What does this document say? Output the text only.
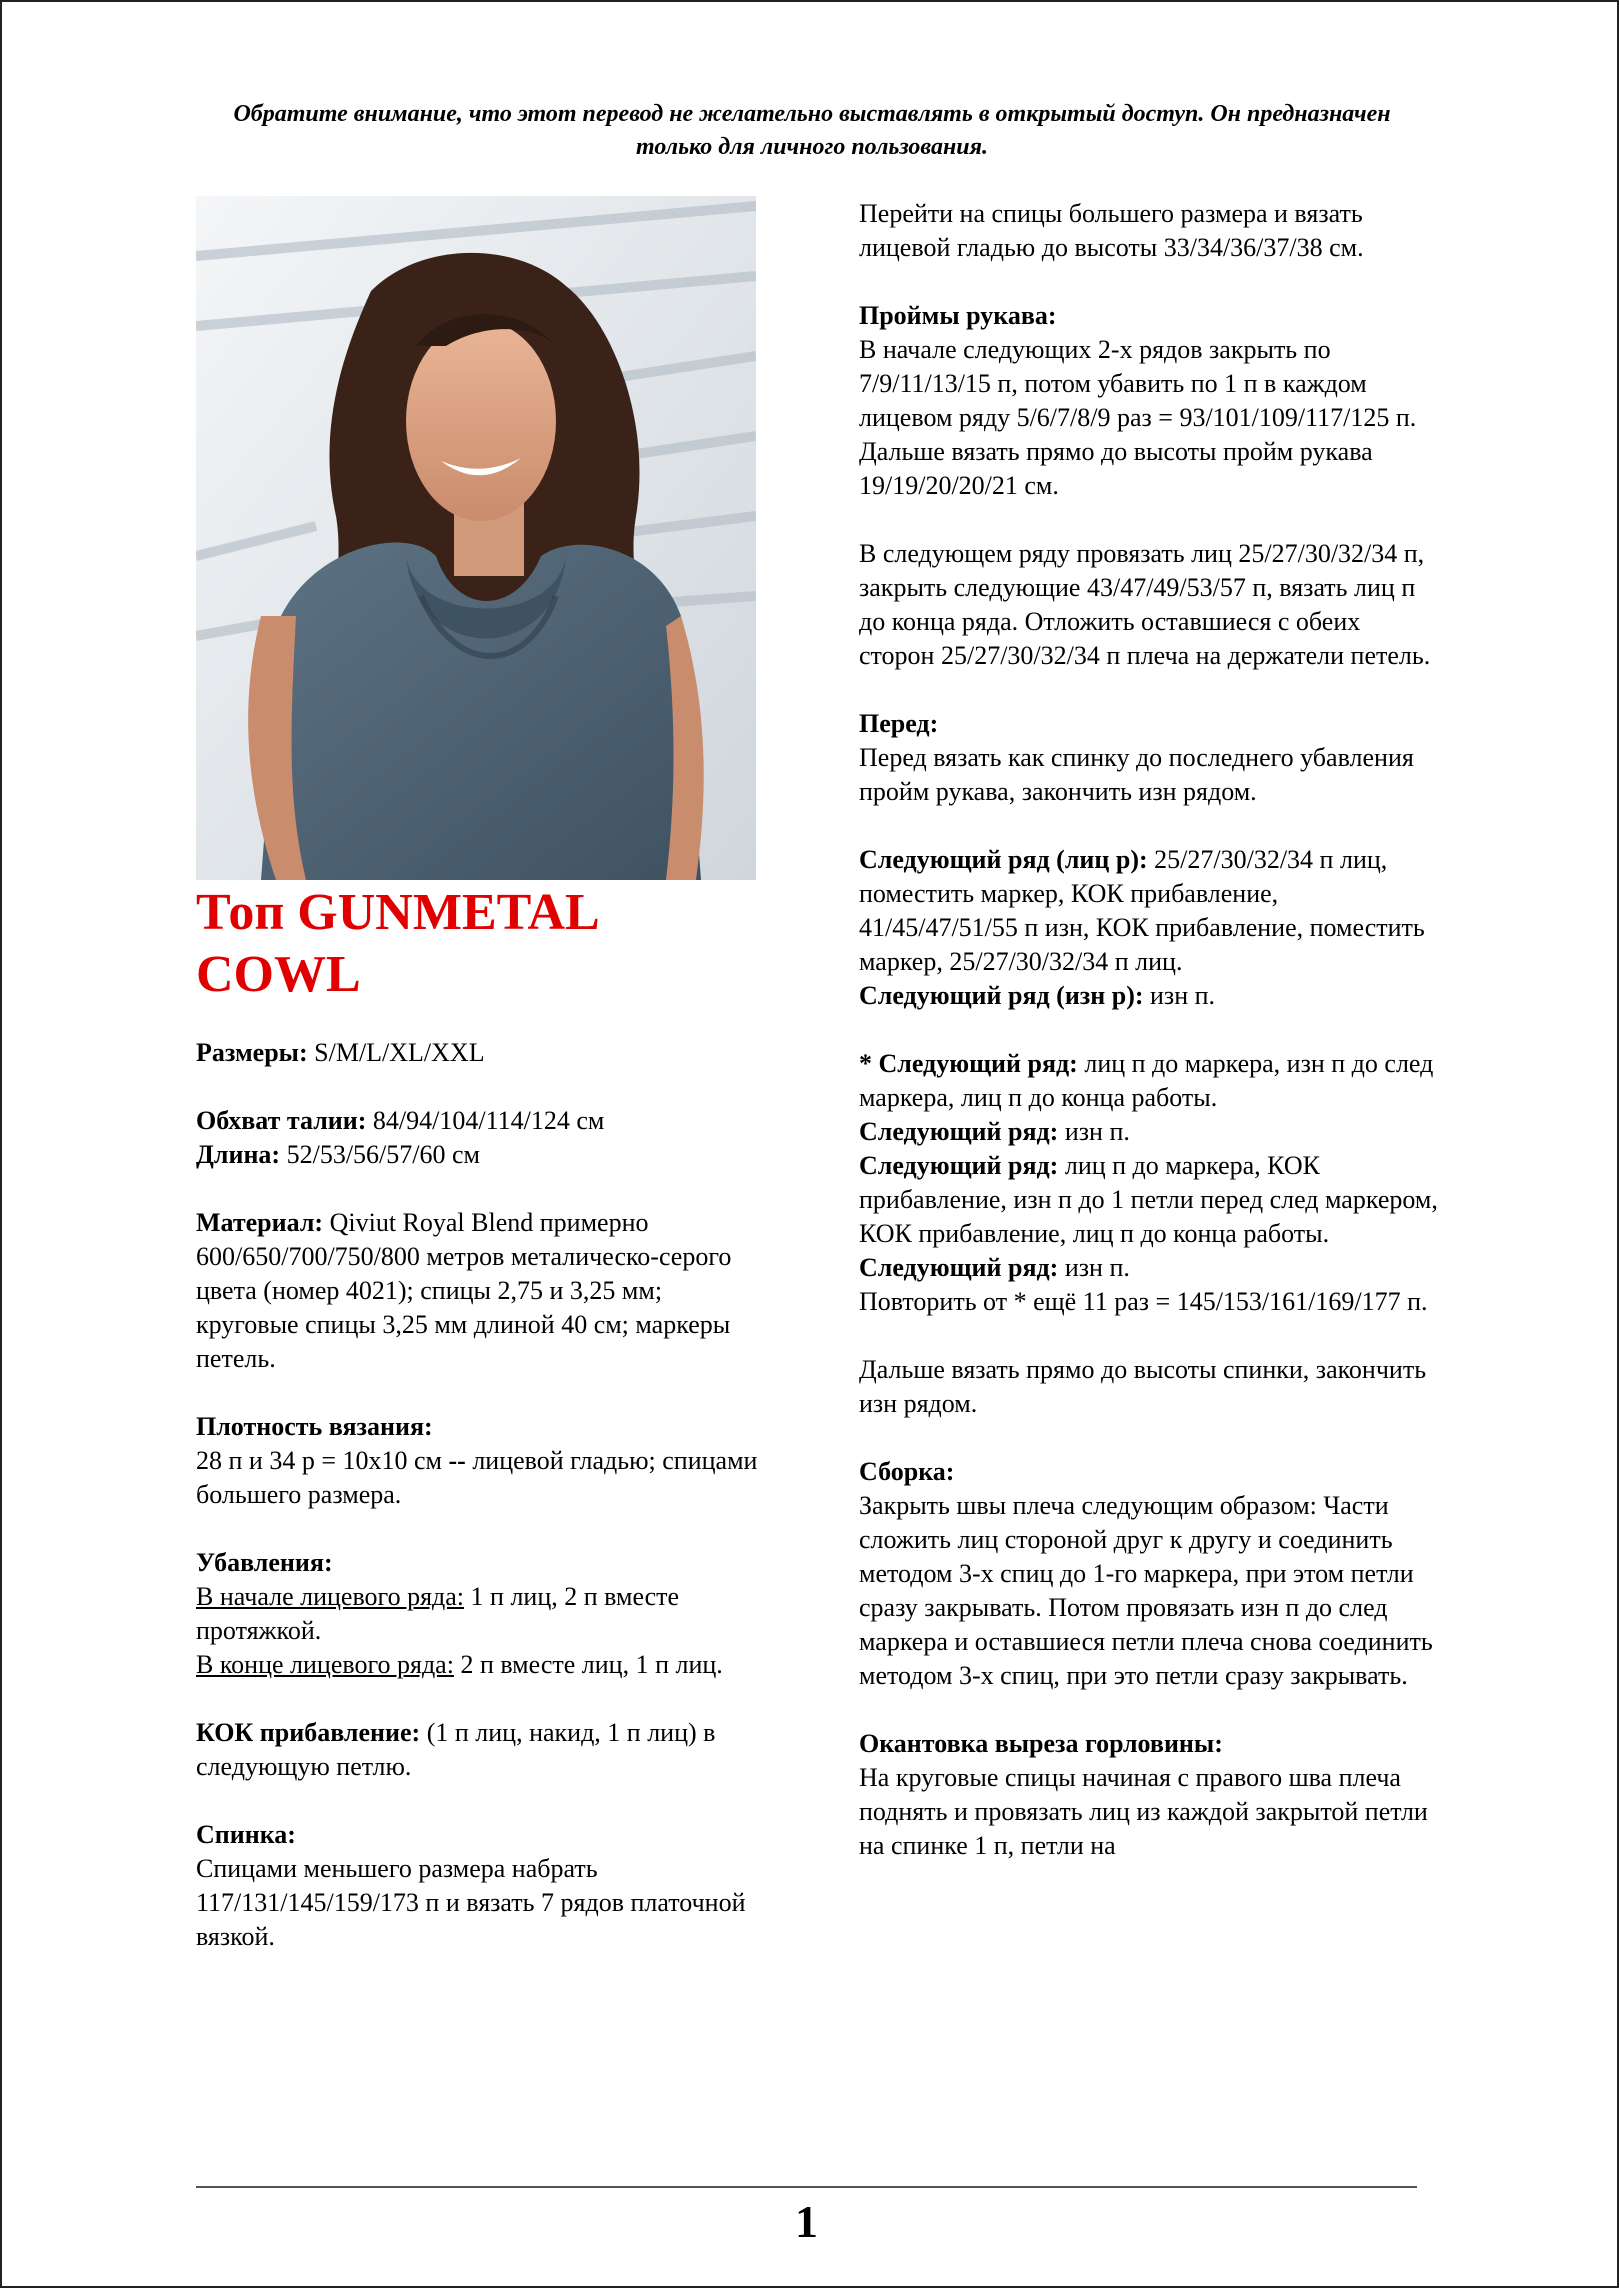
Обратите внимание, что этот перевод не желательно выставлять в открытый доступ. Он предназначен только для личного пользования.
Топ GUNMETAL
COWL

Размеры: S/M/L/XL/XXL

Обхват талии: 84/94/104/114/124 см

Длина: 52/53/56/57/60 см

Материал: Qiviut Royal Blend примерно 600/650/700/750/800 метров металическо-серого цвета (номер 4021); спицы 2,75 и 3,25 мм; круговые спицы 3,25 мм длиной 40 см; маркеры петель.

Плотность вязания:
28 п и 34 р = 10x10 см -- лицевой гладью; спицами большего размера.

Убавления:
В начале лицевого ряда: 1 п лиц, 2 п вместе протяжкой.
В конце лицевого ряда: 2 п вместе лиц, 1 п лиц.

КОК прибавление: (1 п лиц, накид, 1 п лиц) в следующую петлю.

Спинка:
Спицами меньшего размера набрать 117/131/145/159/173 п и вязать 7 рядов платочной вязкой.

Перейти на спицы большего размера и вязать лицевой гладью до высоты 33/34/36/37/38 см.

Проймы рукава:
В начале следующих 2-х рядов закрыть по 7/9/11/13/15 п, потом убавить по 1 п в каждом лицевом ряду 5/6/7/8/9 раз = 93/101/109/117/125 п. Дальше вязать прямо до высоты пройм рукава 19/19/20/20/21 см.

В следующем ряду провязать лиц 25/27/30/32/34 п, закрыть следующие 43/47/49/53/57 п, вязать лиц п до конца ряда. Отложить оставшиеся с обеих сторон 25/27/30/32/34 п плеча на держатели петель.

Перед:
Перед вязать как спинку до последнего убавления пройм рукава, закончить изн рядом.

Следующий ряд (лиц р): 25/27/30/32/34 п лиц, поместить маркер, КОК прибавление, 41/45/47/51/55 п изн, КОК прибавление, поместить маркер, 25/27/30/32/34 п лиц.
Следующий ряд (изн р): изн п.

* Следующий ряд: лиц п до маркера, изн п до след маркера, лиц п до конца работы.
Следующий ряд: изн п.
Следующий ряд: лиц п до маркера, КОК прибавление, изн п до 1 петли перед след маркером, КОК прибавление, лиц п до конца работы.
Следующий ряд: изн п.
Повторить от * ещё 11 раз = 145/153/161/169/177 п.

Дальше вязать прямо до высоты спинки, закончить изн рядом.

Сборка:
Закрыть швы плеча следующим образом: Части сложить лиц стороной друг к другу и соединить методом 3-х спиц до 1-го маркера, при этом петли сразу закрывать. Потом провязать изн п до след маркера и оставшиеся петли плеча снова соединить методом 3-х спиц, при это петли сразу закрывать.

Окантовка выреза горловины:
На круговые спицы начиная с правого шва плеча поднять и провязать лиц из каждой закрытой петли на спинке 1 п, петли на

1
